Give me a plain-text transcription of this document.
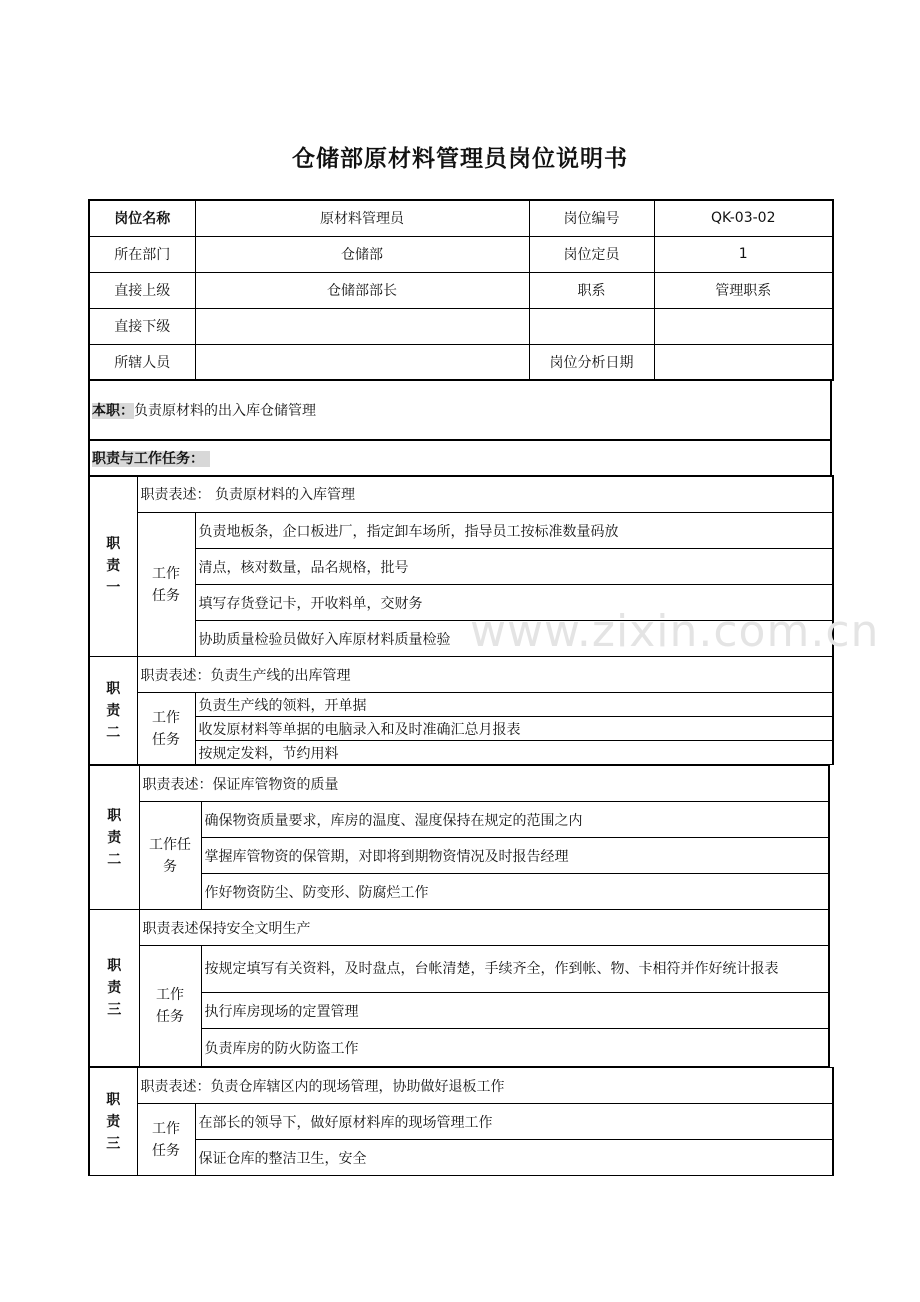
仓储部原材料管理员岗位说明书
岗位名称	原材料管理员	岗位编号	QK-03-02
所在部门	仓储部	岗位定员	1
直接上级	仓储部部长	职系	管理职系
直接下级			
所辖人员		岗位分析日期	
本职：负责原材料的出入库仓储管理
职责与工作任务：
职
责
一	职责表述： 负责原材料的入库管理	
	工作
任务	负责地板条，企口板进厂，指定卸车场所，指导员工按标准数量码放
		清点，核对数量，品名规格，批号
		填写存货登记卡，开收料单，交财务
		协助质量检验员做好入库原材料质量检验
职
责
二	职责表述：负责生产线的出库管理	
	工作
任务	负责生产线的领料，开单据
		收发原材料等单据的电脑录入和及时准确汇总月报表
		按规定发料，节约用料
职
责
二	职责表述：保证库管物资的质量	
	工作任
务	确保物资质量要求，库房的温度、湿度保持在规定的范围之内
		掌握库管物资的保管期，对即将到期物资情况及时报告经理
		作好物资防尘、防变形、防腐烂工作
职
责
三	职责表述保持安全文明生产	
	工作
任务	按规定填写有关资料，及时盘点，台帐清楚，手续齐全，作到帐、物、卡相符并作好统计报表
		执行库房现场的定置管理
		负责库房的防火防盗工作
职
责
三	职责表述：负责仓库辖区内的现场管理，协助做好退板工作	
	工作
任务	在部长的领导下，做好原材料库的现场管理工作
		保证仓库的整洁卫生，安全
www.zixin.com.cn
